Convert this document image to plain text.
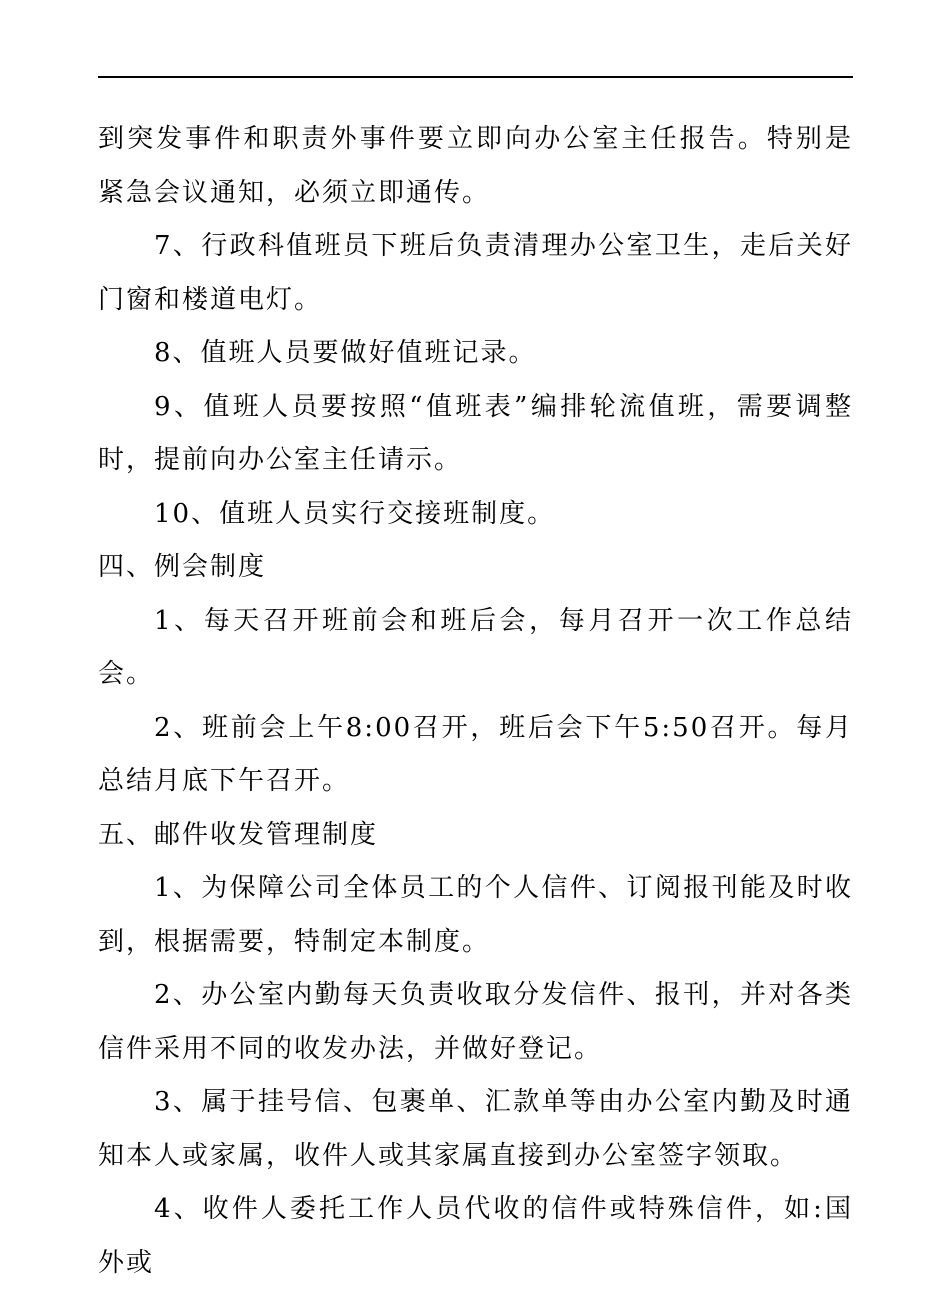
到突发事件和职责外事件要立即向办公室主任报告。特别是紧急会议通知，必须立即通传。

7、行政科值班员下班后负责清理办公室卫生，走后关好门窗和楼道电灯。

8、值班人员要做好值班记录。

9、值班人员要按照“值班表”编排轮流值班，需要调整时，提前向办公室主任请示。

10、值班人员实行交接班制度。

四、例会制度

1、每天召开班前会和班后会，每月召开一次工作总结会。

2、班前会上午8:00召开，班后会下午5:50召开。每月总结月底下午召开。

五、邮件收发管理制度

1、为保障公司全体员工的个人信件、订阅报刊能及时收到，根据需要，特制定本制度。

2、办公室内勤每天负责收取分发信件、报刊，并对各类信件采用不同的收发办法，并做好登记。

3、属于挂号信、包裹单、汇款单等由办公室内勤及时通知本人或家属，收件人或其家属直接到办公室签字领取。

4、收件人委托工作人员代收的信件或特殊信件，如:国外或
